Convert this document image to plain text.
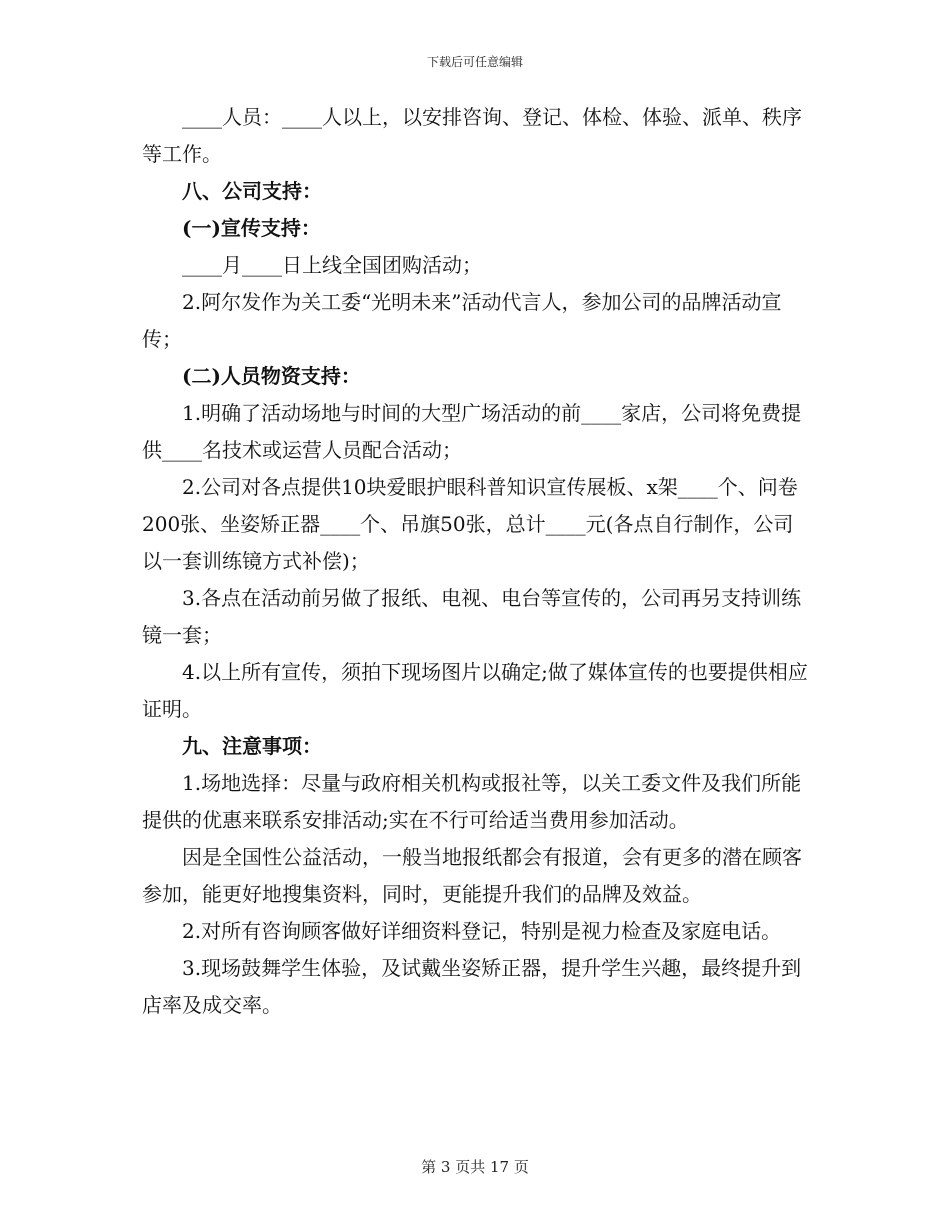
下载后可任意编辑

____人员：____人以上，以安排咨询、登记、体检、体验、派单、秩序等工作。

八、公司支持：

(一)宣传支持：

____月____日上线全国团购活动；

2.阿尔发作为关工委“光明未来”活动代言人，参加公司的品牌活动宣传；

(二)人员物资支持：

1.明确了活动场地与时间的大型广场活动的前____家店，公司将免费提供____名技术或运营人员配合活动；

2.公司对各点提供10块爱眼护眼科普知识宣传展板、x架____个、问卷200张、坐姿矫正器____个、吊旗50张，总计____元(各点自行制作，公司以一套训练镜方式补偿)；

3.各点在活动前另做了报纸、电视、电台等宣传的，公司再另支持训练镜一套；

4.以上所有宣传，须拍下现场图片以确定;做了媒体宣传的也要提供相应证明。

九、注意事项：

1.场地选择：尽量与政府相关机构或报社等，以关工委文件及我们所能提供的优惠来联系安排活动;实在不行可给适当费用参加活动。

因是全国性公益活动，一般当地报纸都会有报道，会有更多的潜在顾客参加，能更好地搜集资料，同时，更能提升我们的品牌及效益。

2.对所有咨询顾客做好详细资料登记，特别是视力检查及家庭电话。

3.现场鼓舞学生体验，及试戴坐姿矫正器，提升学生兴趣，最终提升到店率及成交率。

第 3 页共 17 页
